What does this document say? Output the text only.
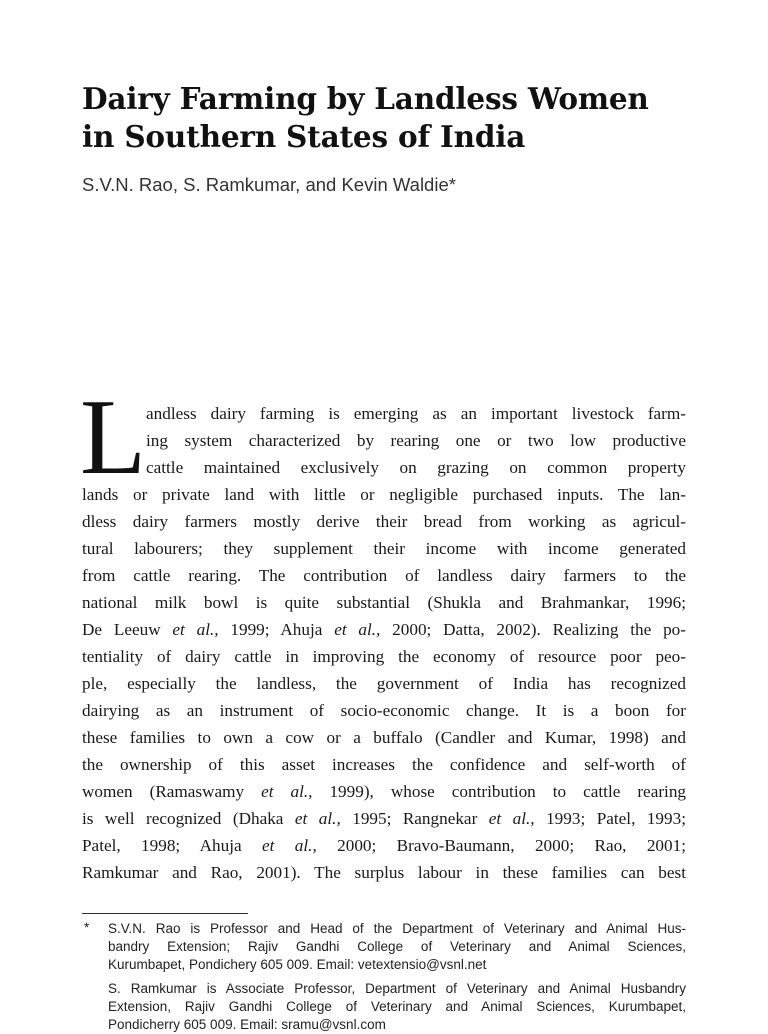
Dairy Farming by Landless Women
in Southern States of India

S.V.N. Rao, S. Ramkumar, and Kevin Waldie*

L andless dairy farming is emerging as an important livestock farm-
ing system characterized by rearing one or two low productive
cattle maintained exclusively on grazing on common property
lands or private land with little or negligible purchased inputs. The lan-
dless dairy farmers mostly derive their bread from working as agricul-
tural labourers; they supplement their income with income generated
from cattle rearing. The contribution of landless dairy farmers to the
national milk bowl is quite substantial (Shukla and Brahmankar, 1996;
De Leeuw et al., 1999; Ahuja et al., 2000; Datta, 2002). Realizing the po-
tentiality of dairy cattle in improving the economy of resource poor peo-
ple, especially the landless, the government of India has recognized
dairying as an instrument of socio-economic change. It is a boon for
these families to own a cow or a buffalo (Candler and Kumar, 1998) and
the ownership of this asset increases the confidence and self-worth of
women (Ramaswamy et al., 1999), whose contribution to cattle rearing
is well recognized (Dhaka et al., 1995; Rangnekar et al., 1993; Patel, 1993;
Patel, 1998; Ahuja et al., 2000; Bravo-Baumann, 2000; Rao, 2001;
Ramkumar and Rao, 2001). The surplus labour in these families can best
* S.V.N. Rao is Professor and Head of the Department of Veterinary and Animal Hus-
bandry Extension; Rajiv Gandhi College of Veterinary and Animal Sciences,
Kurumbapet, Pondichery 605 009. Email: vetextensio@vsnl.net
S. Ramkumar is Associate Professor, Department of Veterinary and Animal Husbandry
Extension, Rajiv Gandhi College of Veterinary and Animal Sciences, Kurumbapet,
Pondicherry 605 009. Email: sramu@vsnl.com
